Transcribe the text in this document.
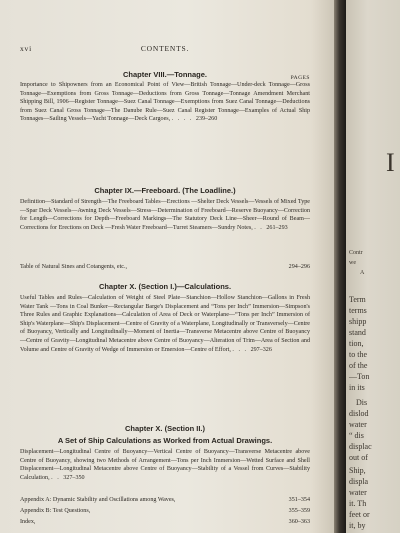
xvi	CONTENTS.
PAGES
Chapter VIII.—Tonnage.
Importance to Shipowners from an Economical Point of View—British Tonnage—Under-deck Tonnage—Gross Tonnage—Exemptions from Gross Tonnage—Deductions from Gross Tonnage—Tonnage Amendment Merchant Shipping Bill, 1906—Register Tonnage—Suez Canal Tonnage—Exemptions from Suez Canal Tonnage—Deductions from Suez Canal Gross Tonnage—The Danube Rule—Suez Canal Register Tonnage—Examples of Actual Ship Tonnages—Sailing Vessels—Yacht Tonnage—Deck Cargoes, . . . . 239–260
Chapter IX.—Freeboard. (The Loadline.)
Definition—Standard of Strength—The Freeboard Tables—Erections —Shelter Deck Vessels—Vessels of Mixed Type—Spar Deck Vessels—Awning Deck Vessels—Stress—Determination of Freeboard—Reserve Buoyancy—Correction for Length—Corrections for Depth—Freeboard Markings—The Statutory Deck Line—Sheer—Round of Beam—Corrections for Erections on Deck —Fresh Water Freeboard—Turret Steamers—Sundry Notes, . . 261–293
Table of Natural Sines and Cotangents, etc.,	294–296
Chapter X. (Section I.)—Calculations.
Useful Tables and Rules—Calculation of Weight of Steel Plate—Stanchion—Hollow Stanchion—Gallons in Fresh Water Tank —Tons in Coal Bunker—Rectangular Barge's Displacement and “Tons per Inch” Immersion—Simpson's Three Rules and Graphic Explanations—Calculation of Area of Deck or Waterplane—“Tons per Inch” Immersion of Ship's Waterplane—Ship's Displacement—Centre of Gravity of a Waterplane, Longitudinally or Transversely—Centre of Buoyancy, Vertically and Longitudinally—Moment of Inertia—Transverse Metacentre above Centre of Buoyancy—Centre of Gravity—Longitudinal Metacentre above Centre of Buoyancy—Alteration of Trim—Area of Section and Volume and Centre of Gravity of Wedge of Immersion or Emersion—Centre of Effort, . . . 297–326
Chapter X. (Section II.)
A Set of Ship Calculations as Worked from Actual Drawings.
Displacement—Longitudinal Centre of Buoyancy—Vertical Centre of Buoyancy—Transverse Metacentre above Centre of Buoyancy, showing two Methods of Arrangement—Tons per Inch Immersion—Wetted Surface and Shell Displacement—Longitudinal Metacentre above Centre of Buoyancy—Stability of a Vessel from Curves—Stability Calculation, . . 327–350
Appendix A: Dynamic Stability and Oscillations among Waves,	351–354
Appendix B: Test Questions,	355–359
Index,	360–363
I
Contr
we
A
Term
terms
shipp
stand
tion,
to the
of the
—Ton
in its
Dis
dislod
water
“ dis
displac
out of
Ship,
displa
water
it. Th
feet or
it, by
